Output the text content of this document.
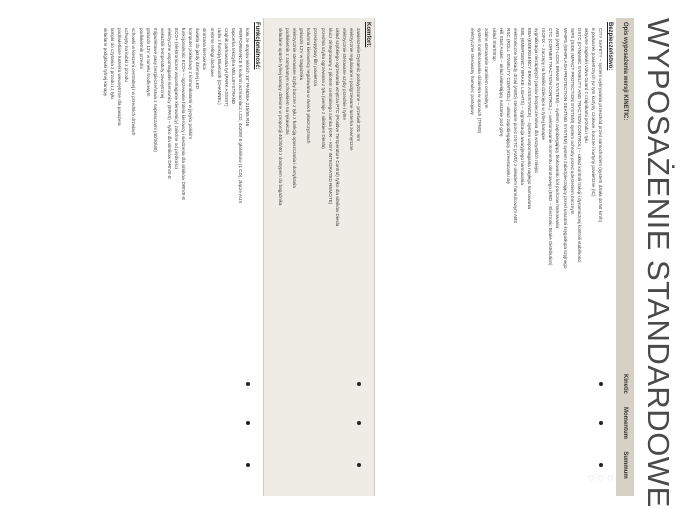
WYPOSAŻENIE STANDARDOWE
Opis wyposażenia wersji KINETIC:
Kinetic
Momentum
Summum
Bezpieczeństwo:
CITY SAFETY – system wykrywania przeszkód przed samochodem (system działa do 50 km/h)
6 poduszek powietrznych (w tym kurtyny czołowe, boczne i kurtyny powietrzne (IC)
aktywne zagłówki Volvo Guard z czujnikami przodu i tyłu
DSTC (DYNAMIC STABILITY AND TRACTION CONTROL) – układ kontroli trakcji i dynamicznej kontroli stabilności
SIPS (SIDE IMPACT PROTECTION SYSTEM) system ochrony przed uderzeniem bocznym
WHIPS (WHIPLASH PROTECTION SEATING SYSTEM) system zabezpieczający przed urazami kręgosłupa szyjnego
ABS (ANTI-LOCK BRAKE SYSTEM) – system zapobiegający blokowaniu kół podczas hamowania
CTC (CORNER TRACTION CONTROL) – wektorowanie momentu obrotowego (EBD – Electronic Brake Distribution)
ISOFIX – zaczepy na foteliki dziecięce w tylnej kanapie
sygnalizacja niezapiętych pasów bezpieczeństwa dla wszystkich miejsc
EBA (EMERGENCY BRAKE ASSISTANCE) – system wspomagania nagłego hamowania
EBL (EMERGENCY BRAKE LIGHTS) – sygnalizacja awaryjnego hamowania
elektroniczne blokady drzwi (AWD) sterowane przez DSTC (AWD) z układem hamulcowym ABS
RSC (ROLL STABILITY CONTROL) – układ zapobiegający przewracaniu się
Hill Start Assist – układ ułatwiający ruszanie pod górę
układ Start/Stop
zdalne sterowanie zamkiem centralnym
system monitorowania ciśnienia w oponach (TPMS)
elektrycznie sterowany hamulec postojowy
Komfort:
zawieszenie Dynamic podwyższone – prześwit 201 mm
elektrycznie regulowane i podgrzewane lusterka zewnętrzne
elektrycznie sterowane szyby przednie i tylne
układ szybkiego ogrzewania wnętrza PTC (Positive Temperature Control) tylko dla silników Diesla
klucz zintegrowany z pilotem centralnego zamka (KIR – KEY INTEGRATED REMOTE)
przednia szyba ogrzewana z tyłu (wersje z silnikiem Diesla)
przeciwpyłowy filtr powietrza
kolumna kierownicy regulowana w dwóch płaszczyznach
gniazdo 12V w bagażniku
elektrycznie sterowane szyby boczne z tyłu z funkcją opuszczania i domykania
podłokietnik z zamykanym schowkiem na rękawiczki
składane oparcie tylnej kanapy dzielone w proporcji 40/20/40 z dostępem do bagażnika
Funkcjonalność:
koła ze stopów lekkich 18" PANDEA 215/65 R16
PERFORMANCE 8 kolumn wzmacniacz LCD, 4x20W 8 głośników (1 CD), złącze AUX
tapicerka tekstylna MELLBYSTRAND
czujnik parkowania tył (PARK ASSIST)
radio z funkcją Bluetooth (CHANNEL)
srebrne relingi dachowe
skórzana kierownica
światła do jazdy dziennej LED
komputer pokładowy z komunikatami w języku polskim
funkcjonalność ECO+ – ogrzewanie fotela kierowcy i siedzenia dla silników DRIVE-E
ECO+ (elektroniczne wspomaganie kierownicy) zależne od prędkości
elektryczne wspomaganie kierownicy (EPAS) – tylko dla silników DRIVE-E
wskaźnik temperatury zewnętrznej
trójpunktowe pasy bezpieczeństwa z napinaczami (40/20/40)
gniazdo 12V w tunelu środkowym
podłokietnik przedni
schowki w kieszeni centralnej i w przednich drzwiach
uchwyty na kubki z przodu
podświetlane lusterko wewnętrzne dla pasażera
lampki do czytania z przodu i z tyłu
składane podgłówki tylnej kanapy
◌ ◌ ◌
